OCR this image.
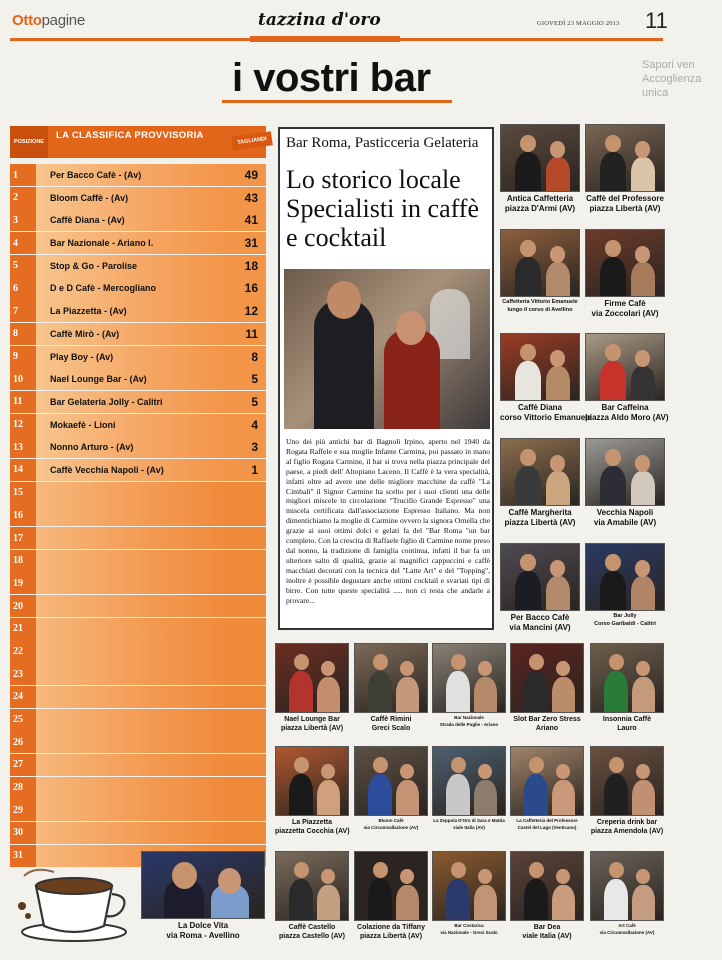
Ottopagine	tazzina d'oro	GIOVEDÌ 23 MAGGIO 2013 11
i vostri bar	Sapori ven Accoglienza unica
POSIZIONE
LA CLASSIFICA PROVVISORIA
TAGLIANDI
1	Per Bacco Cafè - (Av)	49
2	Bloom Caffè - (Av)	43
3	Caffè Diana - (Av)	41
4	Bar Nazionale - Ariano I.	31
5	Stop & Go - Parolise	18
6	D e D Cafè - Mercogliano	16
7	La Piazzetta - (Av)	12
8	Caffè Mirò - (Av)	11
9	Play Boy - (Av)	8
10	Nael Lounge Bar - (Av)	5
11	Bar Gelateria Jolly - Calitri	5
12	Mokaefè - Lioni	4
13	Nonno Arturo - (Av)	3
14	Caffè Vecchia Napoli - (Av)	1
15
16
17
18
19
20
21
22
23
24
25
26
27
28
29
30
31
Bar Roma, Pasticceria Gelateria
Lo storico locale Specialisti in caffè e cocktail
Uno dei più antichi bar di Bagnoli Irpino, aperto nel 1940 da Rogata Raffele e sua moglie Infante Carmina, poi passato in mano al figlio Rogata Carmine, il bar si trova nella piazza principale del paese, a piedi dell' Altopiano Laceno. Il Caffè è la vera specialità, infatti oltre ad avere une delle migliore macchine da caffè "La Cimbali" il Signor Carmine ha scelto per i suoi clienti una delle migliori miscele in circolazione "Trucillo Grande Espresso" una miscela certificata dall'associazione Espresso Italiano. Ma non dimentichiamo la moglie di Carmine ovvero la signora Ornella che grazie ai suoi ottimi dolci e gelati fa del "Bar Roma "un bar completo. Con la crescita di Raffaele figlio di Carmine nome preso dal nonno, la tradizione di famiglia continua, infatti il bar fa un ulteriore salto di qualità, grazie ai magnifici cappuccini e caffè macchiati decorati con la tecnica del "Latte Art" e del "Topping", inoltre è possible degustare anche ottimi cocktail e svariati tipi di birre. Con tutte queste specialità ..... non ci resta che andarle a provare...
Antica Caffetteria
piazza D'Armi (AV)
Caffè del Professore
piazza Libertà (AV)
Caffetteria Vittorio Emanuele
lungo il corso di Avellino
Firme Cafè
via Zoccolari (AV)
Caffè Diana
corso Vittorio Emanuele
Bar Caffeina
piazza Aldo Moro (AV)
Caffè Margherita
piazza Libertà (AV)
Vecchia Napoli
via Amabile (AV)
Per Bacco Cafè
via Mancini (AV)
Bar Jolly
Corso Garibaldi - Calitri
Nael Lounge Bar
piazza Libertà (AV)
Caffè Rimini
Greci Scalo
Bar Nazionale
Strada delle Puglie - Ariano
Slot Bar Zero Stress
Ariano
Insonnia Caffè
Lauro
La Piazzetta
piazzetta Cocchia (AV)
Bloom Cafè
via Circumvallazione (AV)
La Zeppola D'Oro di Sara e Mattia
viale Italia (AV)
La Caffetteria del Professore
Castel del Lago (Venticano)
Creperia drink bar
piazza Amendola (AV)
La Dolce Vita
via Roma - Avellino
Caffè Castello
piazza Castello (AV)
Colazione da Tiffany
piazza Libertà (AV)
Bar Costarica
via Nazionale - Greci Scalo
Bar Dea
viale Italia (AV)
Art Cafè
via Circumvallazione (AV)
